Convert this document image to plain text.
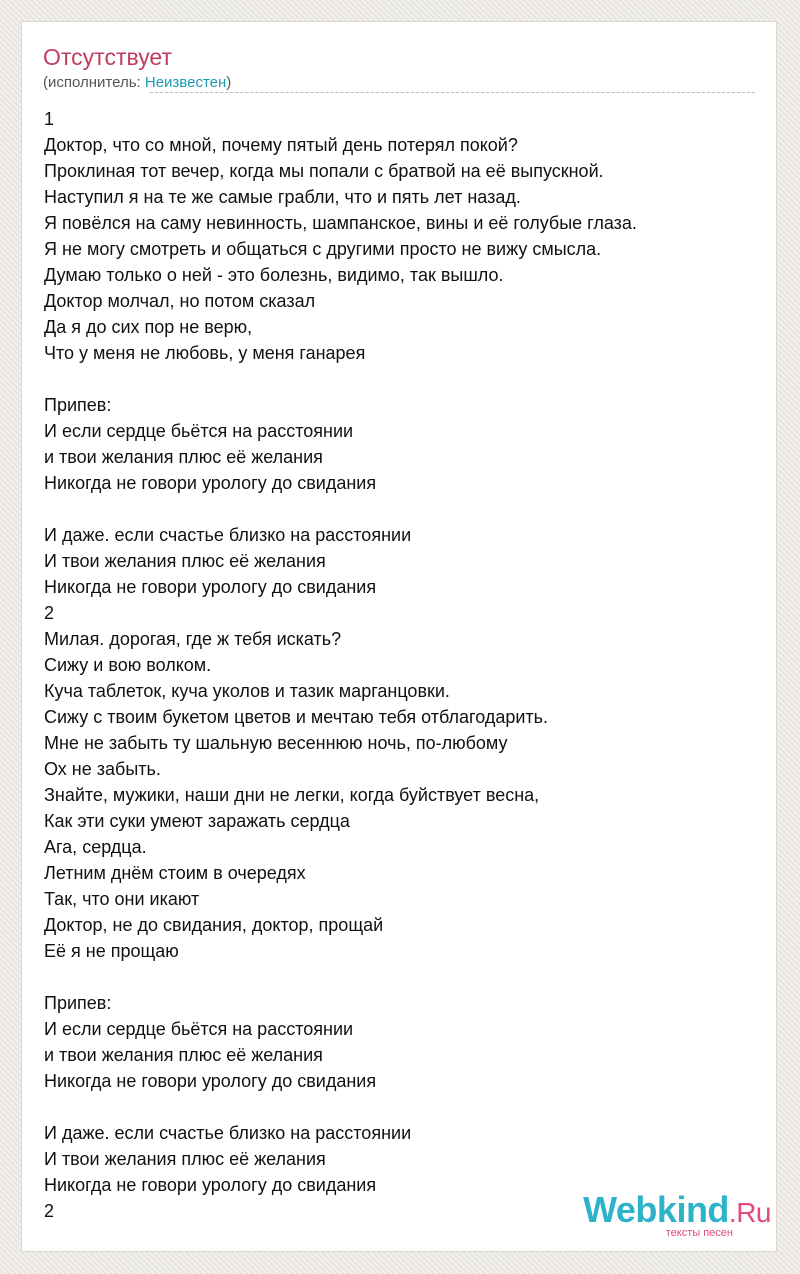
Отсутствует
(исполнитель: Неизвестен)
1
Доктор, что со мной, почему пятый день потерял покой?
Проклиная тот вечер, когда мы попали с братвой на её выпускной.
Наступил я на те же самые грабли, что и пять лет назад.
Я повёлся на саму невинность, шампанское, вины и её голубые глаза.
Я не могу смотреть и общаться с другими просто не вижу смысла.
Думаю только о ней - это болезнь, видимо, так вышло.
Доктор молчал, но потом сказал
Да я до сих пор не верю,
Что у меня не любовь, у меня ганарея
Припев:
И если сердце бьётся на расстоянии
и твои желания плюс её желания
Никогда не говори урологу до свидания
И даже. если счастье близко на расстоянии
И твои желания плюс её желания
Никогда не говори урологу до свидания
2
Милая. дорогая, где ж тебя искать?
Сижу и вою волком.
Куча таблеток, куча уколов и тазик марганцовки.
Сижу с твоим букетом цветов и мечтаю тебя отблагодарить.
Мне не забыть ту шальную весеннюю ночь, по-любому
Ох не забыть.
Знайте, мужики, наши дни не легки, когда буйствует весна,
Как эти суки умеют заражать сердца
Ага, сердца.
Летним днём стоим в очередях
Так, что они икают
Доктор, не до свидания, доктор, прощай
Её я не прощаю
Припев:
И если сердце бьётся на расстоянии
и твои желания плюс её желания
Никогда не говори урологу до свидания
И даже. если счастье близко на расстоянии
И твои желания плюс её желания
Никогда не говори урологу до свидания
2	Webkind.Ru
тексты песен
